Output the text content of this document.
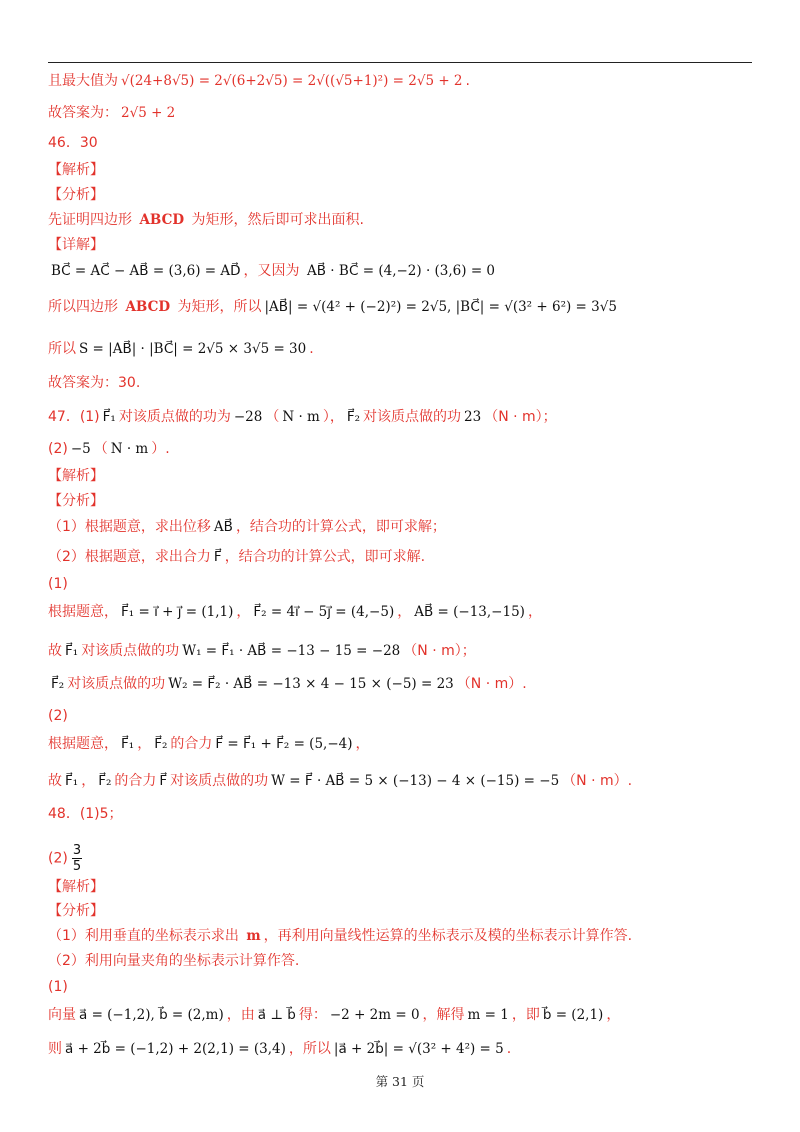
且最大值为 √(24+8√5) = 2√(6+2√5) = 2√((√5+1)²) = 2√5 + 2 .
故答案为： 2√5 + 2
46．30
【解析】
【分析】
先证明四边形 ABCD 为矩形，然后即可求出面积.
【详解】
BC⃗ = AC⃗ − AB⃗ = (3,6) = AD⃗ ，又因为 AB⃗ · BC⃗ = (4,−2) · (3,6) = 0
所以四边形 ABCD 为矩形，所以 |AB⃗| = √(4² + (−2)²) = 2√5, |BC⃗| = √(3² + 6²) = 3√5
所以 S = |AB⃗| · |BC⃗| = 2√5 × 3√5 = 30 .
故答案为：30.
47．(1) F⃗₁ 对该质点做的功为 −28 （ N · m ）， F⃗₂ 对该质点做的功 23 （N · m）；
(2) −5 （ N · m ）.
【解析】
【分析】
（1）根据题意，求出位移 AB⃗ ，结合功的计算公式，即可求解；
（2）根据题意，求出合力 F⃗ ，结合功的计算公式，即可求解.
(1)
根据题意， F⃗₁ = i⃗ + j⃗ = (1,1) ， F⃗₂ = 4i⃗ − 5j⃗ = (4,−5) ， AB⃗ = (−13,−15) ，
故 F⃗₁ 对该质点做的功 W₁ = F⃗₁ · AB⃗ = −13 − 15 = −28 （N · m）；
F⃗₂ 对该质点做的功 W₂ = F⃗₂ · AB⃗ = −13 × 4 − 15 × (−5) = 23 （N · m）.
(2)
根据题意， F⃗₁ ， F⃗₂ 的合力 F⃗ = F⃗₁ + F⃗₂ = (5,−4) ，
故 F⃗₁ ， F⃗₂ 的合力 F⃗ 对该质点做的功 W = F⃗ · AB⃗ = 5 × (−13) − 4 × (−15) = −5 （N · m）.
48．(1)5；
$(2) \frac{3}{5}$
【解析】
【分析】
（1）利用垂直的坐标表示求出 m ，再利用向量线性运算的坐标表示及模的坐标表示计算作答.
（2）利用向量夹角的坐标表示计算作答.
(1)
向量 a⃗ = (−1,2), b⃗ = (2,m) ，由 a⃗ ⊥ b⃗ 得： −2 + 2m = 0 ，解得 m = 1 ，即 b⃗ = (2,1) ，
则 a⃗ + 2b⃗ = (−1,2) + 2(2,1) = (3,4) ，所以 |a⃗ + 2b⃗| = √(3² + 4²) = 5 .
第 31 页
